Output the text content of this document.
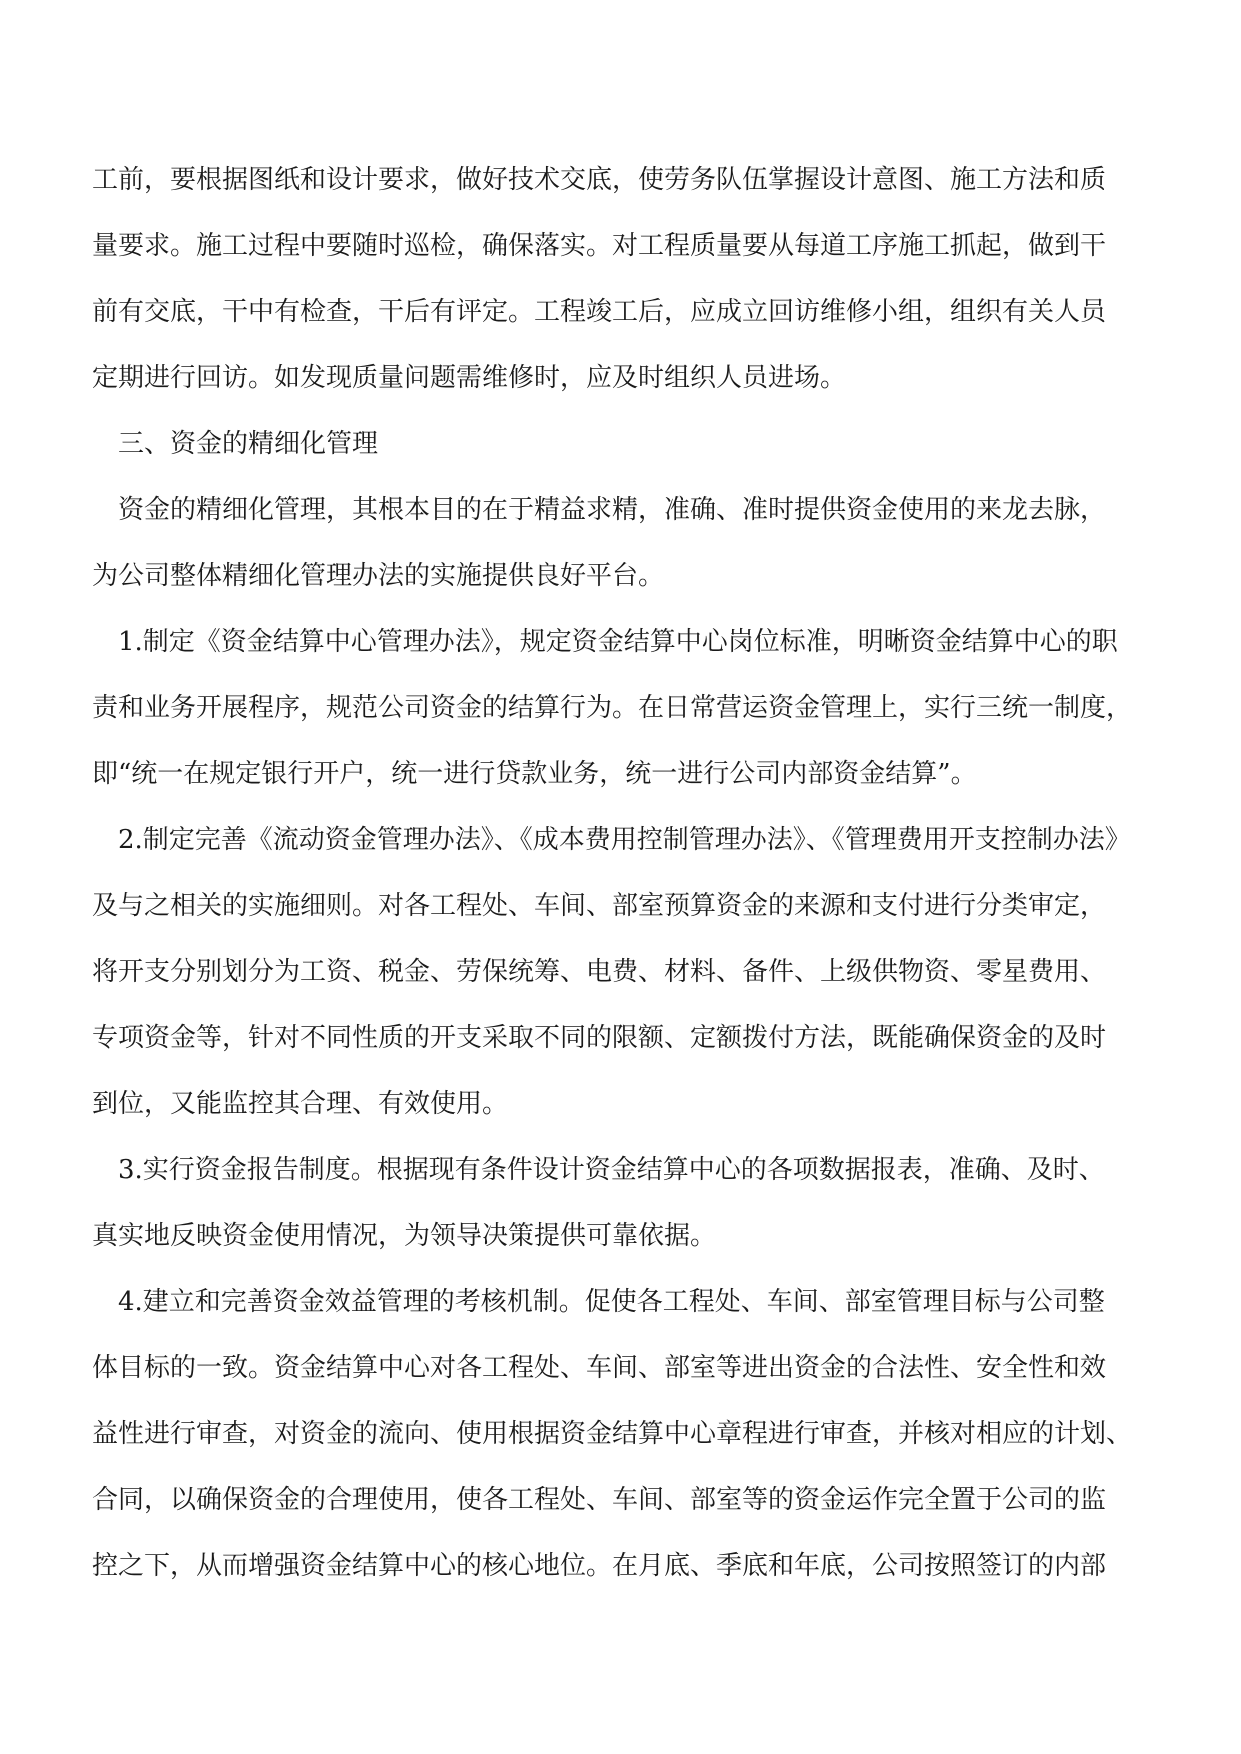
工前，要根据图纸和设计要求，做好技术交底，使劳务队伍掌握设计意图、施工方法和质

量要求。施工过程中要随时巡检，确保落实。对工程质量要从每道工序施工抓起，做到干

前有交底，干中有检查，干后有评定。工程竣工后，应成立回访维修小组，组织有关人员

定期进行回访。如发现质量问题需维修时，应及时组织人员进场。

三、资金的精细化管理

资金的精细化管理，其根本目的在于精益求精，准确、准时提供资金使用的来龙去脉，

为公司整体精细化管理办法的实施提供良好平台。

1.制定《资金结算中心管理办法》，规定资金结算中心岗位标准，明晰资金结算中心的职

责和业务开展程序，规范公司资金的结算行为。在日常营运资金管理上，实行三统一制度，

即“统一在规定银行开户，统一进行贷款业务，统一进行公司内部资金结算”。

2.制定完善《流动资金管理办法》、《成本费用控制管理办法》、《管理费用开支控制办法》

及与之相关的实施细则。对各工程处、车间、部室预算资金的来源和支付进行分类审定，

将开支分别划分为工资、税金、劳保统筹、电费、材料、备件、上级供物资、零星费用、

专项资金等，针对不同性质的开支采取不同的限额、定额拨付方法，既能确保资金的及时

到位，又能监控其合理、有效使用。

3.实行资金报告制度。根据现有条件设计资金结算中心的各项数据报表，准确、及时、

真实地反映资金使用情况，为领导决策提供可靠依据。

4.建立和完善资金效益管理的考核机制。促使各工程处、车间、部室管理目标与公司整

体目标的一致。资金结算中心对各工程处、车间、部室等进出资金的合法性、安全性和效

益性进行审查，对资金的流向、使用根据资金结算中心章程进行审查，并核对相应的计划、

合同，以确保资金的合理使用，使各工程处、车间、部室等的资金运作完全置于公司的监

控之下，从而增强资金结算中心的核心地位。在月底、季底和年底，公司按照签订的内部
